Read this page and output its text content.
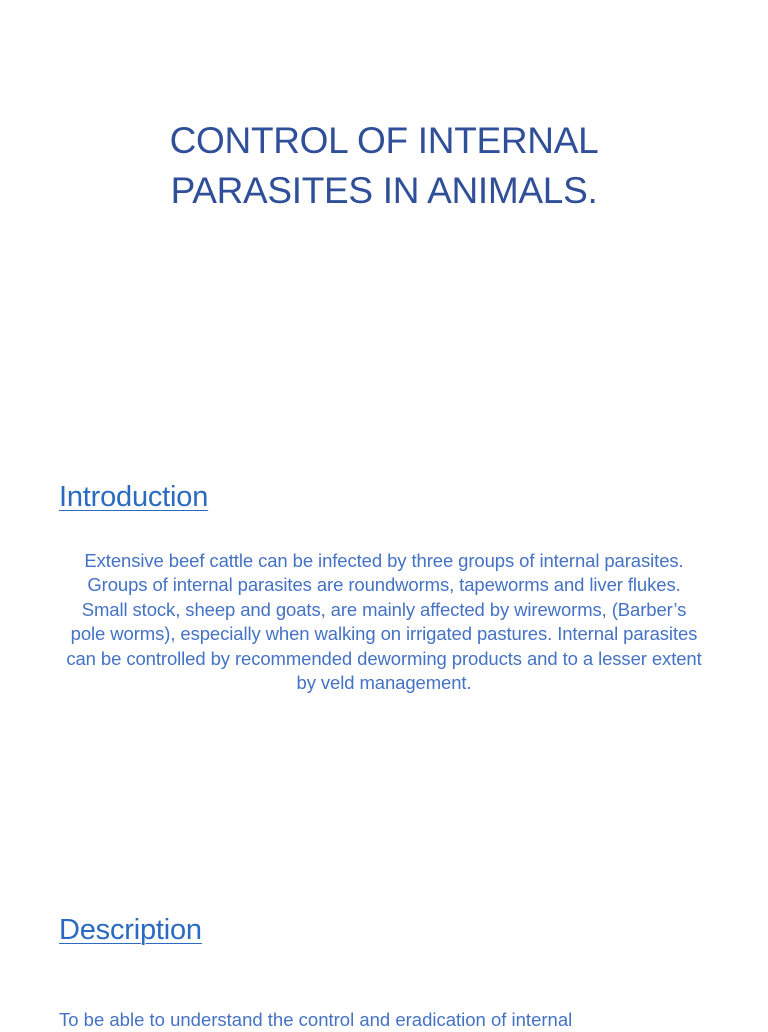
CONTROL OF INTERNAL
PARASITES IN ANIMALS.
Introduction

Extensive beef cattle can be infected by three groups of internal parasites. Groups of internal parasites are roundworms, tapeworms and liver flukes. Small stock, sheep and goats, are mainly affected by wireworms, (Barber’s pole worms), especially when walking on irrigated pastures. Internal parasites can be controlled by recommended deworming products and to a lesser extent by veld management.

Description

To be able to understand the control and eradication of internal
